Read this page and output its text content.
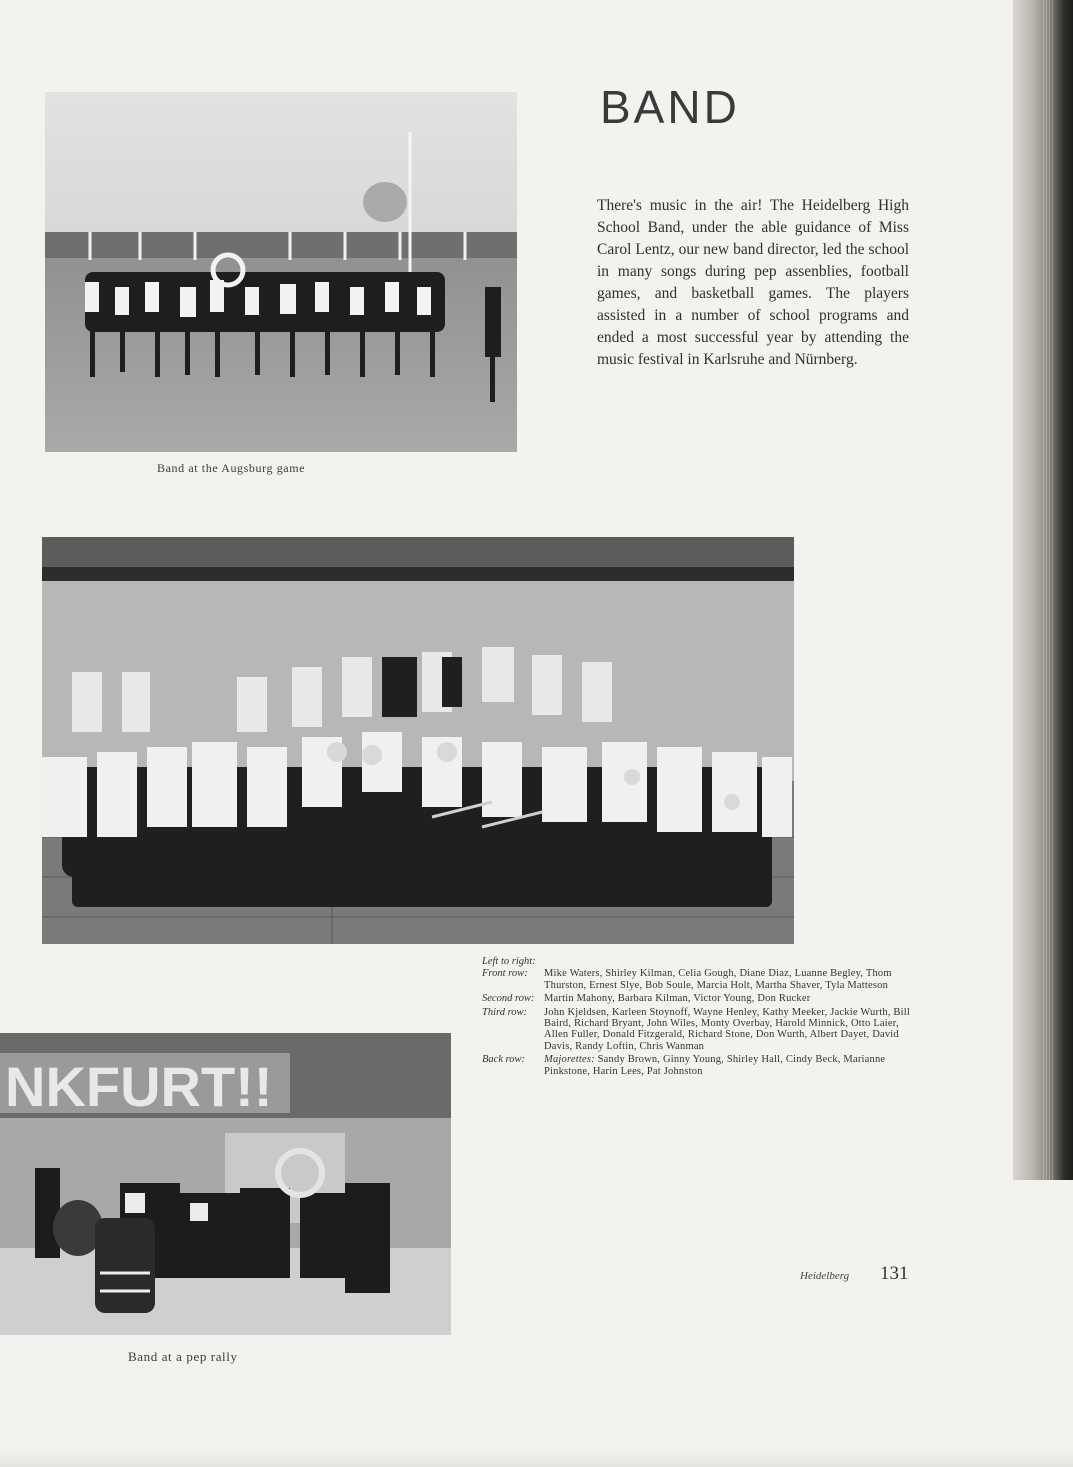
Band at the Augsburg game
BAND

There's music in the air! The Heidelberg High School Band, under the able guidance of Miss Carol Lentz, our new band director, led the school in many songs during pep assenblies, football games, and basketball games. The players assisted in a number of school programs and ended a most successful year by attending the music festival in Karlsruhe and Nürnberg.

Left to right:
Front row:	Mike Waters, Shirley Kilman, Celia Gough, Diane Diaz, Luanne Begley, Thom Thurston, Ernest Slye, Bob Soule, Marcia Holt, Martha Shaver, Tyla Matteson
Second row: Martin Mahony, Barbara Kilman, Victor Young, Don Rucker
Third row:	John Kjeldsen, Karleen Stoynoff, Wayne Henley, Kathy Meeker, Jackie Wurth, Bill Baird, Richard Bryant, John Wiles, Monty Overbay, Harold Minnick, Otto Laier, Allen Fuller, Donald Fitzgerald, Richard Stone, Don Wurth, Albert Dayet, David Davis, Randy Loftin, Chris Wanman
Back row:	Majorettes: Sandy Brown, Ginny Young, Shirley Hall, Cindy Beck, Marianne Pinkstone, Harin Lees, Pat Johnston
NKFURT!!
Band at a pep rally
Heidelberg 131
